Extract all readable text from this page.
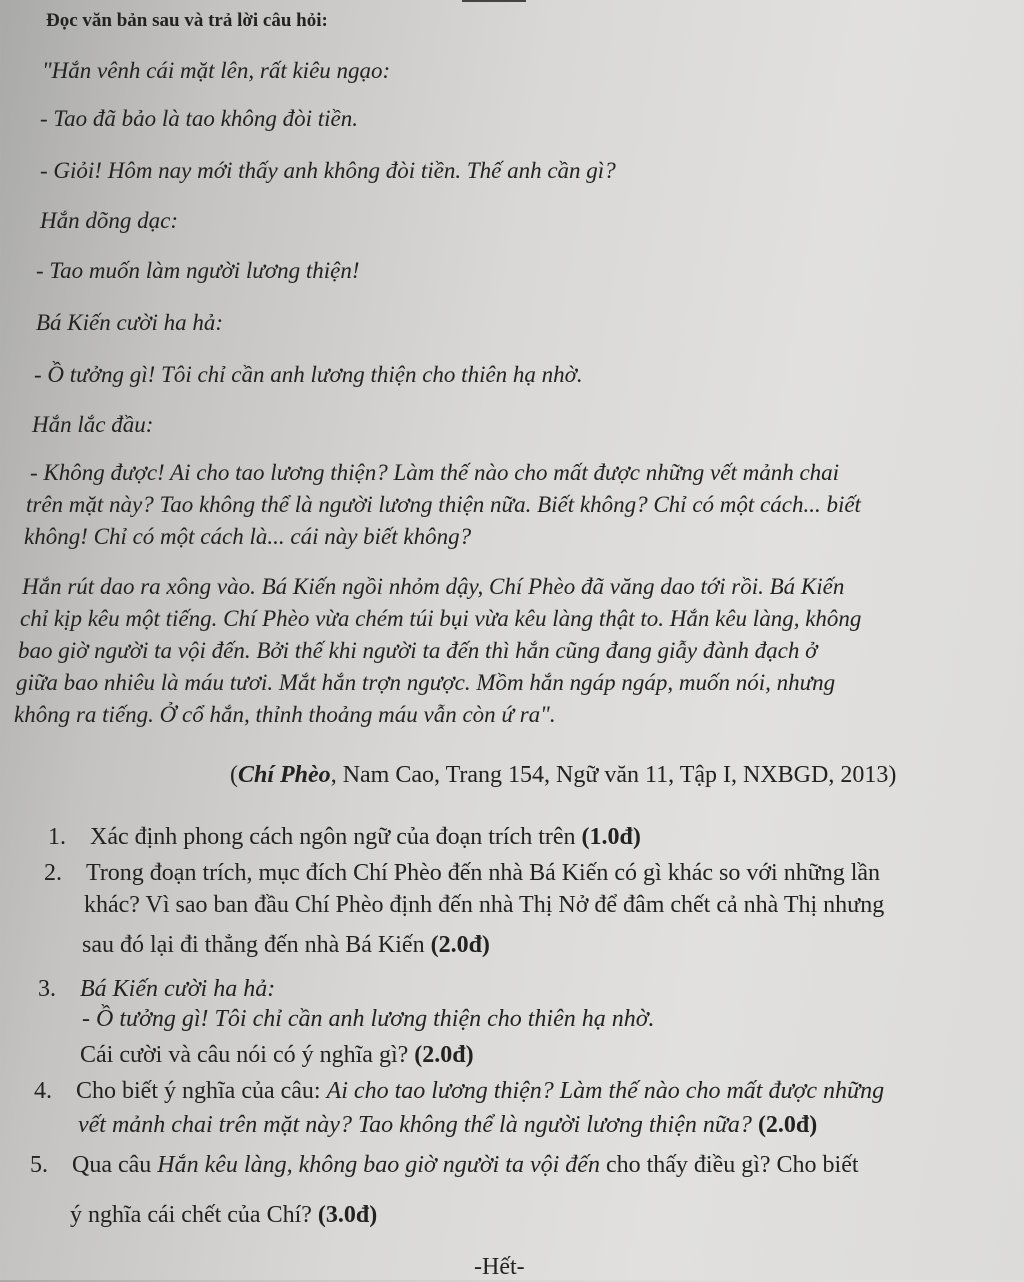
Đọc văn bản sau và trả lời câu hỏi:
"Hắn vênh cái mặt lên, rất kiêu ngạo:
- Tao đã bảo là tao không đòi tiền.
- Giỏi! Hôm nay mới thấy anh không đòi tiền. Thế anh cần gì?
Hắn dõng dạc:
- Tao muốn làm người lương thiện!
Bá Kiến cười ha hả:
- Ồ tưởng gì! Tôi chỉ cần anh lương thiện cho thiên hạ nhờ.
Hắn lắc đầu:
- Không được! Ai cho tao lương thiện? Làm thế nào cho mất được những vết mảnh chai
trên mặt này? Tao không thể là người lương thiện nữa. Biết không? Chỉ có một cách... biết
không! Chỉ có một cách là... cái này biết không?
Hắn rút dao ra xông vào. Bá Kiến ngồi nhỏm dậy, Chí Phèo đã văng dao tới rồi. Bá Kiến
chỉ kịp kêu một tiếng. Chí Phèo vừa chém túi bụi vừa kêu làng thật to. Hắn kêu làng, không
bao giờ người ta vội đến. Bởi thế khi người ta đến thì hắn cũng đang giẫy đành đạch ở
giữa bao nhiêu là máu tươi. Mắt hắn trợn ngược. Mồm hắn ngáp ngáp, muốn nói, nhưng
không ra tiếng. Ở cổ hắn, thỉnh thoảng máu vẫn còn ứ ra".
(Chí Phèo, Nam Cao, Trang 154, Ngữ văn 11, Tập I, NXBGD, 2013)
1. Xác định phong cách ngôn ngữ của đoạn trích trên (1.0đ)
2. Trong đoạn trích, mục đích Chí Phèo đến nhà Bá Kiến có gì khác so với những lần
khác? Vì sao ban đầu Chí Phèo định đến nhà Thị Nở để đâm chết cả nhà Thị nhưng
sau đó lại đi thẳng đến nhà Bá Kiến (2.0đ)
3. Bá Kiến cười ha hả:
- Ồ tưởng gì! Tôi chỉ cần anh lương thiện cho thiên hạ nhờ.
Cái cười và câu nói có ý nghĩa gì? (2.0đ)
4. Cho biết ý nghĩa của câu: Ai cho tao lương thiện? Làm thế nào cho mất được những
vết mảnh chai trên mặt này? Tao không thể là người lương thiện nữa? (2.0đ)
5. Qua câu Hắn kêu làng, không bao giờ người ta vội đến cho thấy điều gì? Cho biết
ý nghĩa cái chết của Chí? (3.0đ)
-Hết-
